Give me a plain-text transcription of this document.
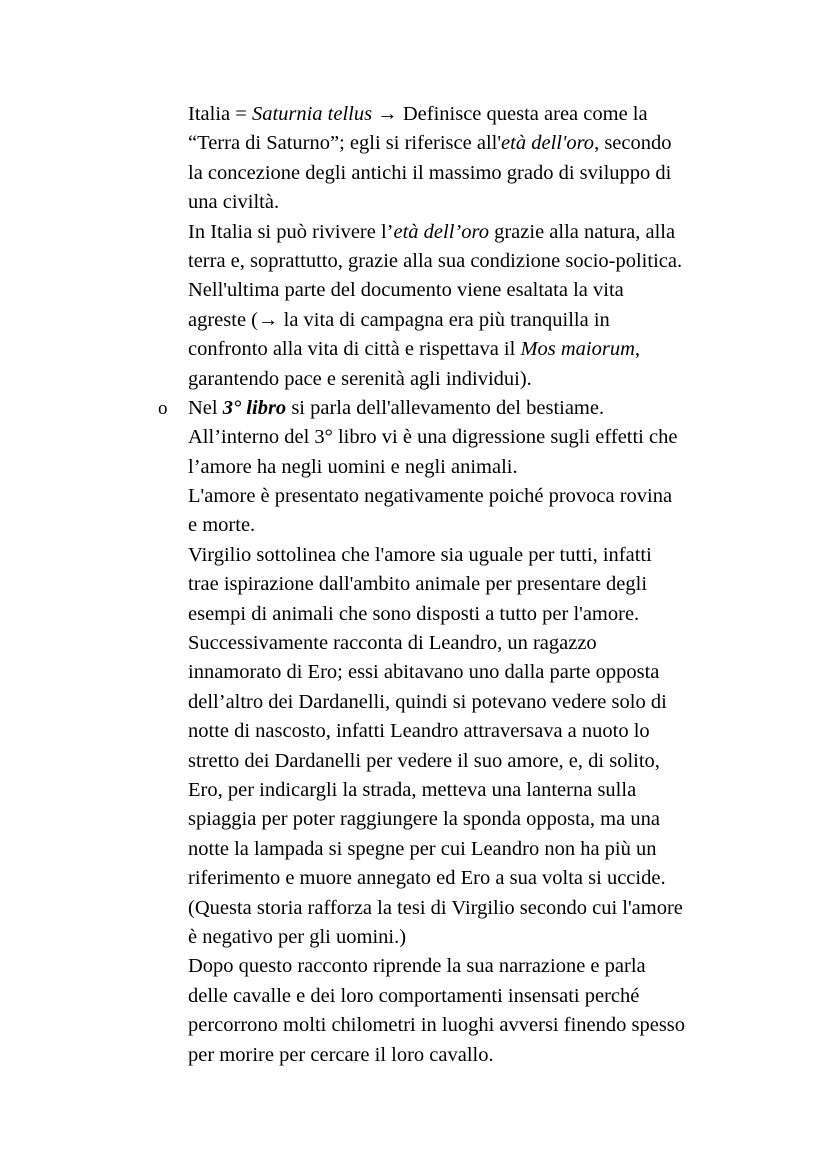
Italia = Saturnia tellus → Definisce questa area come la
“Terra di Saturno”; egli si riferisce all'età dell'oro, secondo
la concezione degli antichi il massimo grado di sviluppo di
una civiltà.
In Italia si può rivivere l’età dell’oro grazie alla natura, alla
terra e, soprattutto, grazie alla sua condizione socio-politica.
Nell'ultima parte del documento viene esaltata la vita
agreste (→ la vita di campagna era più tranquilla in
confronto alla vita di città e rispettava il Mos maiorum,
garantendo pace e serenità agli individui).
o Nel 3° libro si parla dell'allevamento del bestiame.
All’interno del 3° libro vi è una digressione sugli effetti che
l’amore ha negli uomini e negli animali.
L'amore è presentato negativamente poiché provoca rovina
e morte.
Virgilio sottolinea che l'amore sia uguale per tutti, infatti
trae ispirazione dall'ambito animale per presentare degli
esempi di animali che sono disposti a tutto per l'amore.
Successivamente racconta di Leandro, un ragazzo
innamorato di Ero; essi abitavano uno dalla parte opposta
dell’altro dei Dardanelli, quindi si potevano vedere solo di
notte di nascosto, infatti Leandro attraversava a nuoto lo
stretto dei Dardanelli per vedere il suo amore, e, di solito,
Ero, per indicargli la strada, metteva una lanterna sulla
spiaggia per poter raggiungere la sponda opposta, ma una
notte la lampada si spegne per cui Leandro non ha più un
riferimento e muore annegato ed Ero a sua volta si uccide.
(Questa storia rafforza la tesi di Virgilio secondo cui l'amore
è negativo per gli uomini.)
Dopo questo racconto riprende la sua narrazione e parla
delle cavalle e dei loro comportamenti insensati perché
percorrono molti chilometri in luoghi avversi finendo spesso
per morire per cercare il loro cavallo.
